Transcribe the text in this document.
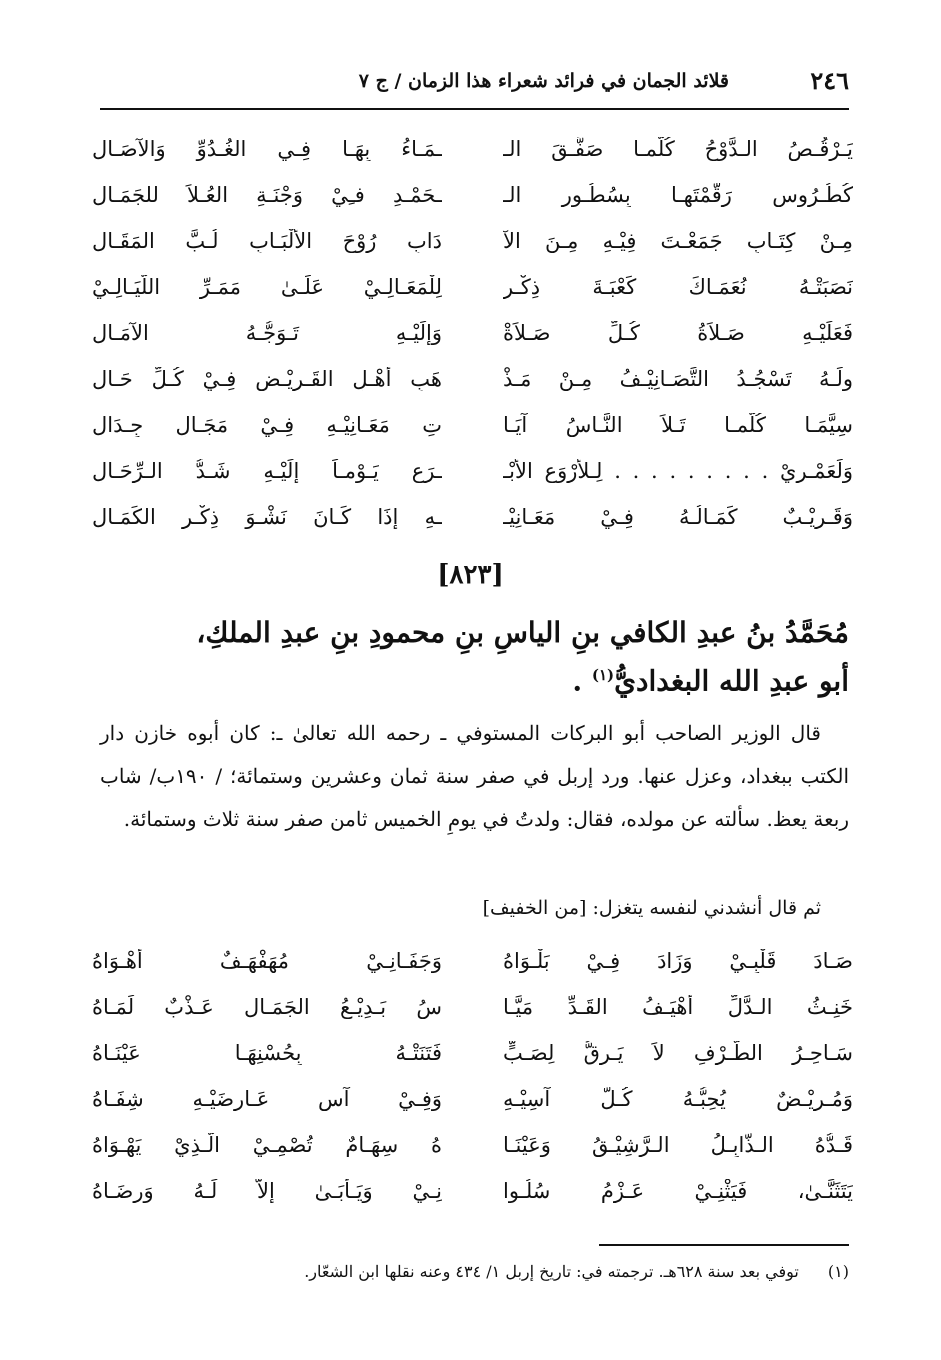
٢٤٦
قلائد الجمان في فرائد شعراء هذا الزمان / ج ٧
يَـرْقُـصُ الـدَّوْحُ كُلَّمـا صَفَّـقَ الـ
ـمَـاءُ بِهَـا فِـي الغُـدُوِّ وَالآصَـال
كُطُـرُوسٍ رَقَّمْتَهـا بِسُطُـورِ الـ
ـحَمْـدِ فـِيْ وَجْنَـةِ العُـلاَ للجَمَـالِ
مِـنْ كِتَـابٍ جَمَعْـتَ فِيْـهِ مِـنَ الآ
دَابِ رُوْحَ الأَلْبَـابِ لُـبَّ المَقَـالِ
نَصَبَتْـهُ نُعَمَـاكَ كَعْبَـةَ ذِكْـرٍ
لِلْمَعَـالِـيْ عَلَـىٰ مَمَـرِّ اللَّيَـالِـيْ
فَعَلَيْـهِ صَـلاَةُ كُـلِّ صَـلاَةْ
وَإِلَيْـهِ تَـوَجُّـهُ الآمَـالِ
ولَـهُ تَسْجُـدُ التَّصَـانِيْـفُ مِـنْ مَـذْ
هَبِ أَهْـلِ القَـرِيْـضِ فِـيْ كُـلِّ حَـالِ
سِيَّمَـا كُلَّمـا تَـلاَ النَّـاسُ آيَـا
تِ مَعَـانِيْـهِ فِـيْ مَجَـالِ جِـدَالِ
وَلَعَمْـرِيْ . . . . . . . . . لِـلأَرْوَعِ الأَبْـ
ـرَعِ يَـوْمـاً إِلَيْـهِ شَـدُّ الـرِّحَـالِ
وَقَـرِيْـبٌ كَمَـالُـهُ فِـيْ مَعَـانِيْـ
ـهِ إِذَا كَـانَ نَشْـوَ ذِكْـرِ الكَمَـالِ
[٨٢٣]
مُحَمَّدُ بنُ عبدِ الكافي بنِ الياسِ بنِ محمودِ بنِ عبدِ الملكِ،
أبو عبدِ الله البغداديُّ$^{(١)}$ .

قال الوزير الصاحب أبو البركات المستوفي ـ رحمه الله تعالىٰ ـ: كان أبوه خازن دار الكتب ببغداد، وعزل عنها. ورد إربل في صفر سنة ثمان وعشرين وستمائة؛ / ١٩٠ب/ شاب ربعة يعظ. سألته عن مولده، فقال: ولدتُ في يومِ الخميس ثامن صفر سنة ثلاث وستمائة.

ثم قال أنشدني لنفسه يتغزل: [من الخفيف]
صَـادَ قَلْبِـيْ وَزَادَ فِـيْ بَلْـوَاهُ
وَجَفَـانِـيْ مُهَفْهَـفٌ أَهْـوَاهُ
خَنِـثُ الـدَّلِّ أَهْيَـفُ القَـدِّ مَيَّـا
سُ بَـدِيْـعُ الجَمَـالِ عَـذْبٌ لَمَـاهُ
سَـاحِـرُ الطَّـرْفِ لاَ يَـرِقُّ لِصَـبٍّ
فَتَنَتْـهُ بِحُسْنِهَـا عَيْنَـاهُ
وَمُـرِيْـضٌ يُحِبُّـهُ كُـلُّ آسِيْـهِ
وَفِـيْ آسِ عَـارِضَيْـهِ شِفَـاهُ
قَـدُّهُ الـذَّابِـلُ الـرَّشِيْـقُ وَعَيْنَـا
هُ سِهَـامٌ تُصْمِـيْ الَّـذِيْ يَهْـوَاهُ
يَتَثَنَّـىٰ، فَيَثْنِـيْ عَـزْمُ سُلُـوا
نِـيْ وَيَـأْبَـىٰ إِلاَّ لَـهُ وَرِضَـاهُ
(١) توفي بعد سنة ٦٢٨هـ. ترجمته في: تاريخ إربل ١/ ٤٣٤ وعنه نقلها ابن الشعّار.
